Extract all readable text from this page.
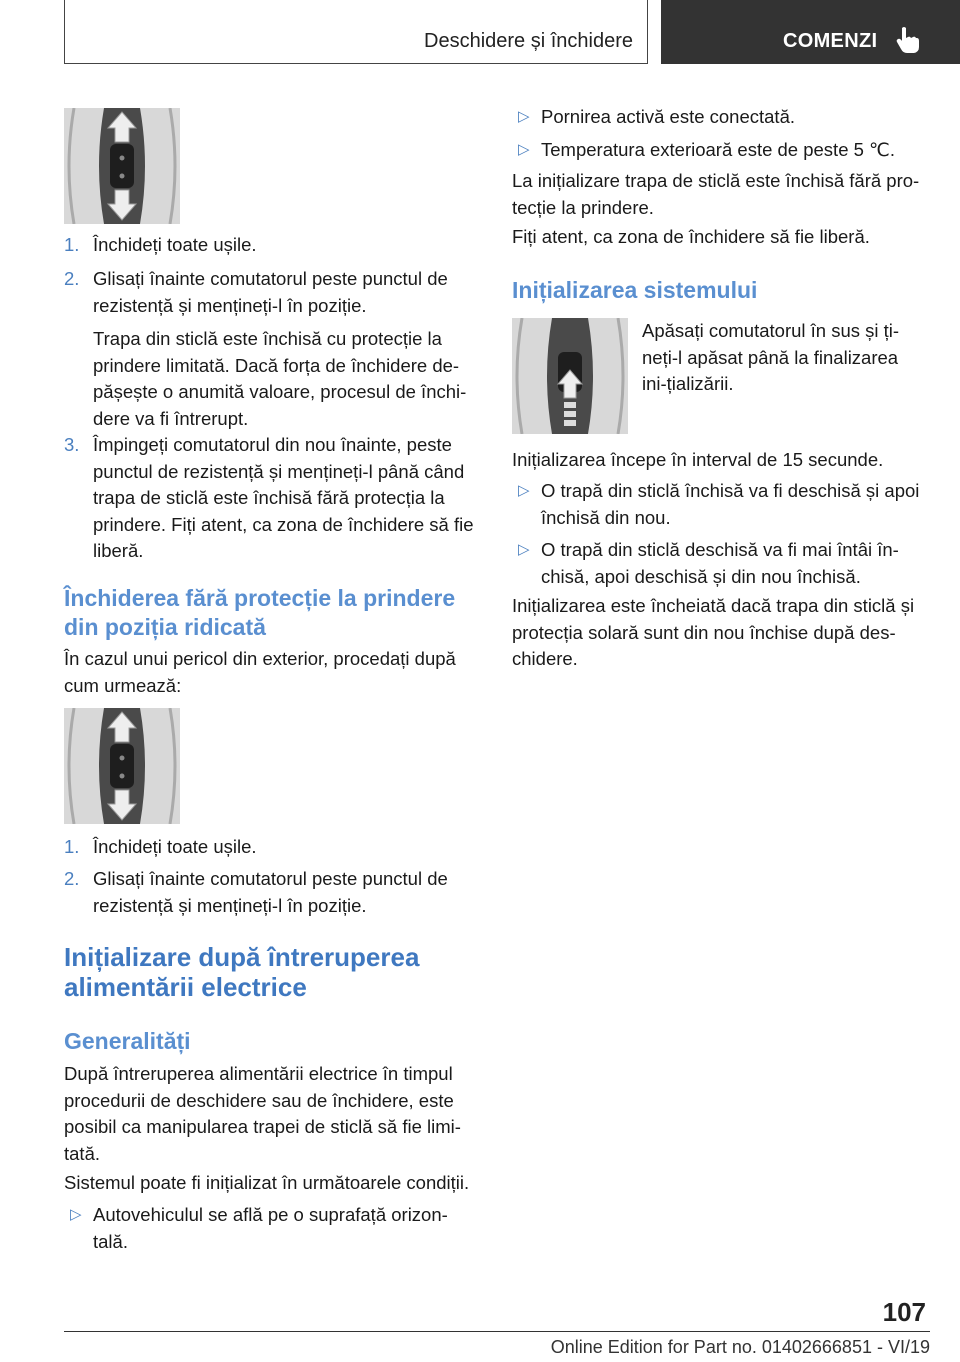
Deschidere și închidere	COMENZI
1. Închideți toate ușile.

2. Glisați înainte comutatorul peste punctul de rezistență și mențineți-l în poziție.

Trapa din sticlă este închisă cu protecție la prindere limitată. Dacă forța de închidere de-pășește o anumită valoare, procesul de închi-dere va fi întrerupt.

3. Împingeți comutatorul din nou înainte, peste punctul de rezistență și mențineți-l până când trapa de sticlă este închisă fără protecția la prindere. Fiți atent, ca zona de închidere să fie liberă.

Închiderea fără protecție la prindere din poziția ridicată

În cazul unui pericol din exterior, procedați după cum urmează:

1. Închideți toate ușile.

2. Glisați înainte comutatorul peste punctul de rezistență și mențineți-l în poziție.

Inițializare după întreruperea alimentării electrice
Generalități

După întreruperea alimentării electrice în timpul procedurii de deschidere sau de închidere, este posibil ca manipularea trapei de sticlă să fie limi-tată.

Sistemul poate fi inițializat în următoarele condiții.

▷ Autovehiculul se află pe o suprafață orizon-tală.

▷ Pornirea activă este conectată.

▷ Temperatura exterioară este de peste 5 ℃.

La inițializare trapa de sticlă este închisă fără pro-tecție la prindere.

Fiți atent, ca zona de închidere să fie liberă.

Inițializarea sistemului

Apăsați comutatorul în sus și ți-neți-l apăsat până la finalizarea ini-țializării.

Inițializarea începe în interval de 15 secunde.

▷ O trapă din sticlă închisă va fi deschisă și apoi închisă din nou.

▷ O trapă din sticlă deschisă va fi mai întâi în-chisă, apoi deschisă și din nou închisă.

Inițializarea este încheiată dacă trapa din sticlă și protecția solară sunt din nou închise după des-chidere.

107
Online Edition for Part no. 01402666851 - VI/19
